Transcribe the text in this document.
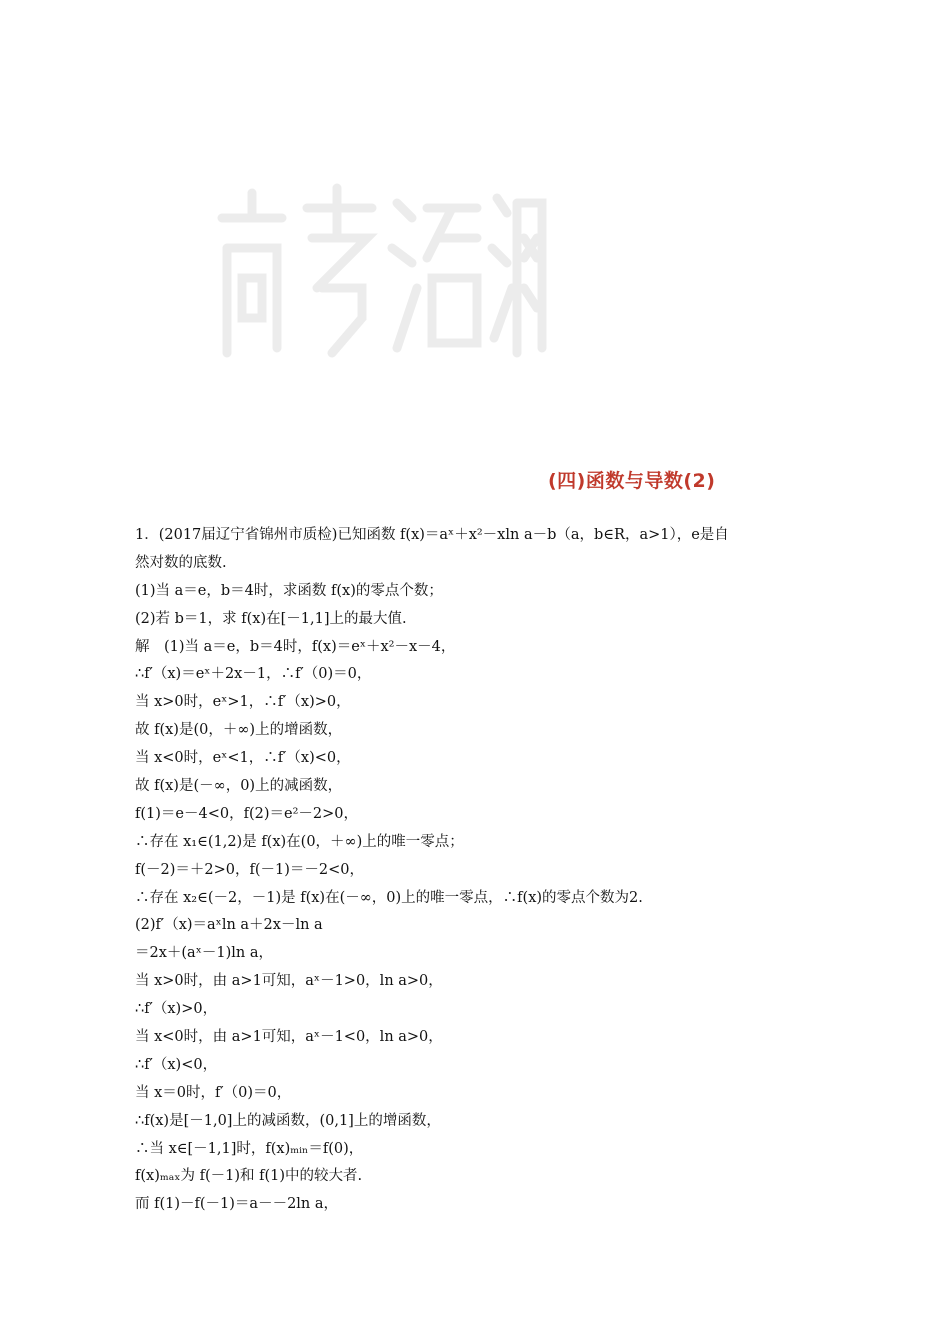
(四)函数与导数(2)
1．(2017届辽宁省锦州市质检)已知函数 f(x)＝aˣ＋x²－xln a－b（a，b∈R，a>1），e是自
然对数的底数.
(1)当 a＝e，b＝4时，求函数 f(x)的零点个数；
(2)若 b＝1，求 f(x)在[－1,1]上的最大值.
解　(1)当 a＝e，b＝4时，f(x)＝eˣ＋x²－x－4，
∴f′（x)＝eˣ＋2x－1，∴f′（0)＝0，
当 x>0时，eˣ>1，∴f′（x)>0，
故 f(x)是(0，＋∞)上的增函数，
当 x<0时，eˣ<1，∴f′（x)<0，
故 f(x)是(－∞，0)上的减函数，
f(1)＝e－4<0，f(2)＝e²－2>0，
∴存在 x₁∈(1,2)是 f(x)在(0，＋∞)上的唯一零点；
f(－2)＝＋2>0，f(－1)＝－2<0，
∴存在 x₂∈(－2，－1)是 f(x)在(－∞，0)上的唯一零点，∴f(x)的零点个数为2.
(2)f′（x)＝aˣln a＋2x－ln a
＝2x＋(aˣ－1)ln a，
当 x>0时，由 a>1可知，aˣ－1>0，ln a>0，
∴f′（x)>0，
当 x<0时，由 a>1可知，aˣ－1<0，ln a>0，
∴f′（x)<0，
当 x＝0时，f′（0)＝0，
∴f(x)是[－1,0]上的减函数，(0,1]上的增函数，
∴当 x∈[－1,1]时，f(x)ₘᵢₙ＝f(0)，
f(x)ₘₐₓ为 f(－1)和 f(1)中的较大者.
而 f(1)－f(－1)＝a－－2ln a，
